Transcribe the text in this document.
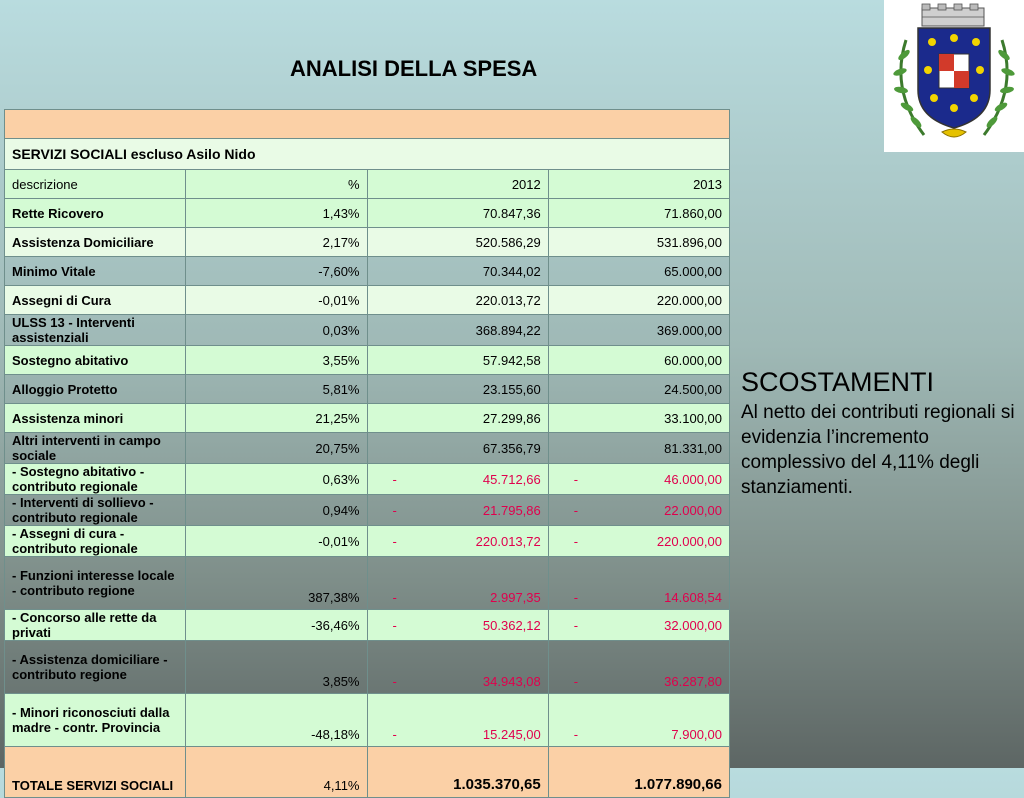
ANALISI DELLA SPESA

SERVIZI SOCIALI escluso Asilo Nido			
descrizione	%	2012	2013
Rette Ricovero	1,43%	70.847,36	71.860,00
Assistenza Domiciliare	2,17%	520.586,29	531.896,00
Minimo Vitale	-7,60%	70.344,02	65.000,00
Assegni di Cura	-0,01%	220.013,72	220.000,00
ULSS 13 - Interventi assistenziali	0,03%	368.894,22	369.000,00
Sostegno abitativo	3,55%	57.942,58	60.000,00
Alloggio Protetto	5,81%	23.155,60	24.500,00
Assistenza minori	21,25%	27.299,86	33.100,00
Altri interventi in campo sociale	20,75%	67.356,79	81.331,00
- Sostegno abitativo - contributo regionale	0,63%	- 45.712,66	- 46.000,00

- Interventi di sollievo - contributo regionale	0,94%	- 21.795,86	- 22.000,00

- Assegni di cura - contributo regionale	-0,01%	- 220.013,72	- 220.000,00

- Funzioni interesse locale - contributo regione	387,38%	- 2.997,35	- 14.608,54

- Concorso alle rette da privati	-36,46%	- 50.362,12	- 32.000,00

- Assistenza domiciliare - contributo regione	3,85%	- 34.943,08	- 36.287,80

- Minori riconosciuti dalla madre - contr. Provincia	-48,18%	- 15.245,00	- 7.900,00

TOTALE SERVIZI SOCIALI	4,11%	1.035.370,65	1.077.890,66
SCOSTAMENTI
Al netto dei contributi regionali si evidenzia l’incremento complessivo del 4,11% degli stanziamenti.
